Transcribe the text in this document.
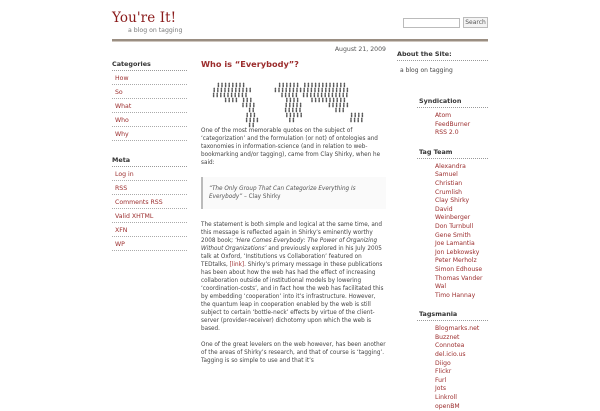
You're It!
a blog on tagging
Search
Categories
How
So
What
Who
Why
Meta
Log in
RSS
Comments RSS
Valid XHTML
XFN
WP
August 21, 2009
Who is “Everybody”?

One of the most memorable quotes on the subject of ‘categorization’ and the formulation (or not) of ontologies and taxonomies in information-science (and in relation to web-bookmarking and/or tagging), came from Clay Shirky, when he said:

“The Only Group That Can Categorize Everything Is Everybody” – Clay Shirky

The statement is both simple and logical at the same time, and this message is reflected again in Shirky’s eminently worthy 2008 book; ‘Here Comes Everybody: The Power of Organizing Without Organizations’ and previously explored in his July 2005 talk at Oxford, ‘Institutions vs Collaboration’ featured on TEDtalks, [link]. Shirky’s primary message in these publications has been about how the web has had the effect of increasing collaboration outside of institutional models by lowering ‘coordination-costs’, and in fact how the web has facilitated this by embedding ‘cooperation’ into it’s infrastructure. However, the quantum leap in cooperation enabled by the web is still subject to certain ‘bottle-neck’ effects by virtue of the client-server (provider-receiver) dichotomy upon which the web is based.

One of the great levelers on the web however, has been another of the areas of Shirky’s research, and that of course is ‘tagging’. Tagging is so simple to use and that it’s

About the Site:
a blog on tagging
Syndication
Atom
FeedBurner
RSS 2.0
Tag Team
Alexandra
Samuel
Christian
Crumlish
Clay Shirky
David
Weinberger
Don Turnbull
Gene Smith
Joe Lamantia
Jon Lebkowsky
Peter Merholz
Simon Edhouse
Thomas Vander
Wal
Timo Hannay
Tagsmania
Blogmarks.net
Buzznet
Connotea
del.icio.us
Diigo
Flickr
Furl
Jots
Linkroll
openBM
